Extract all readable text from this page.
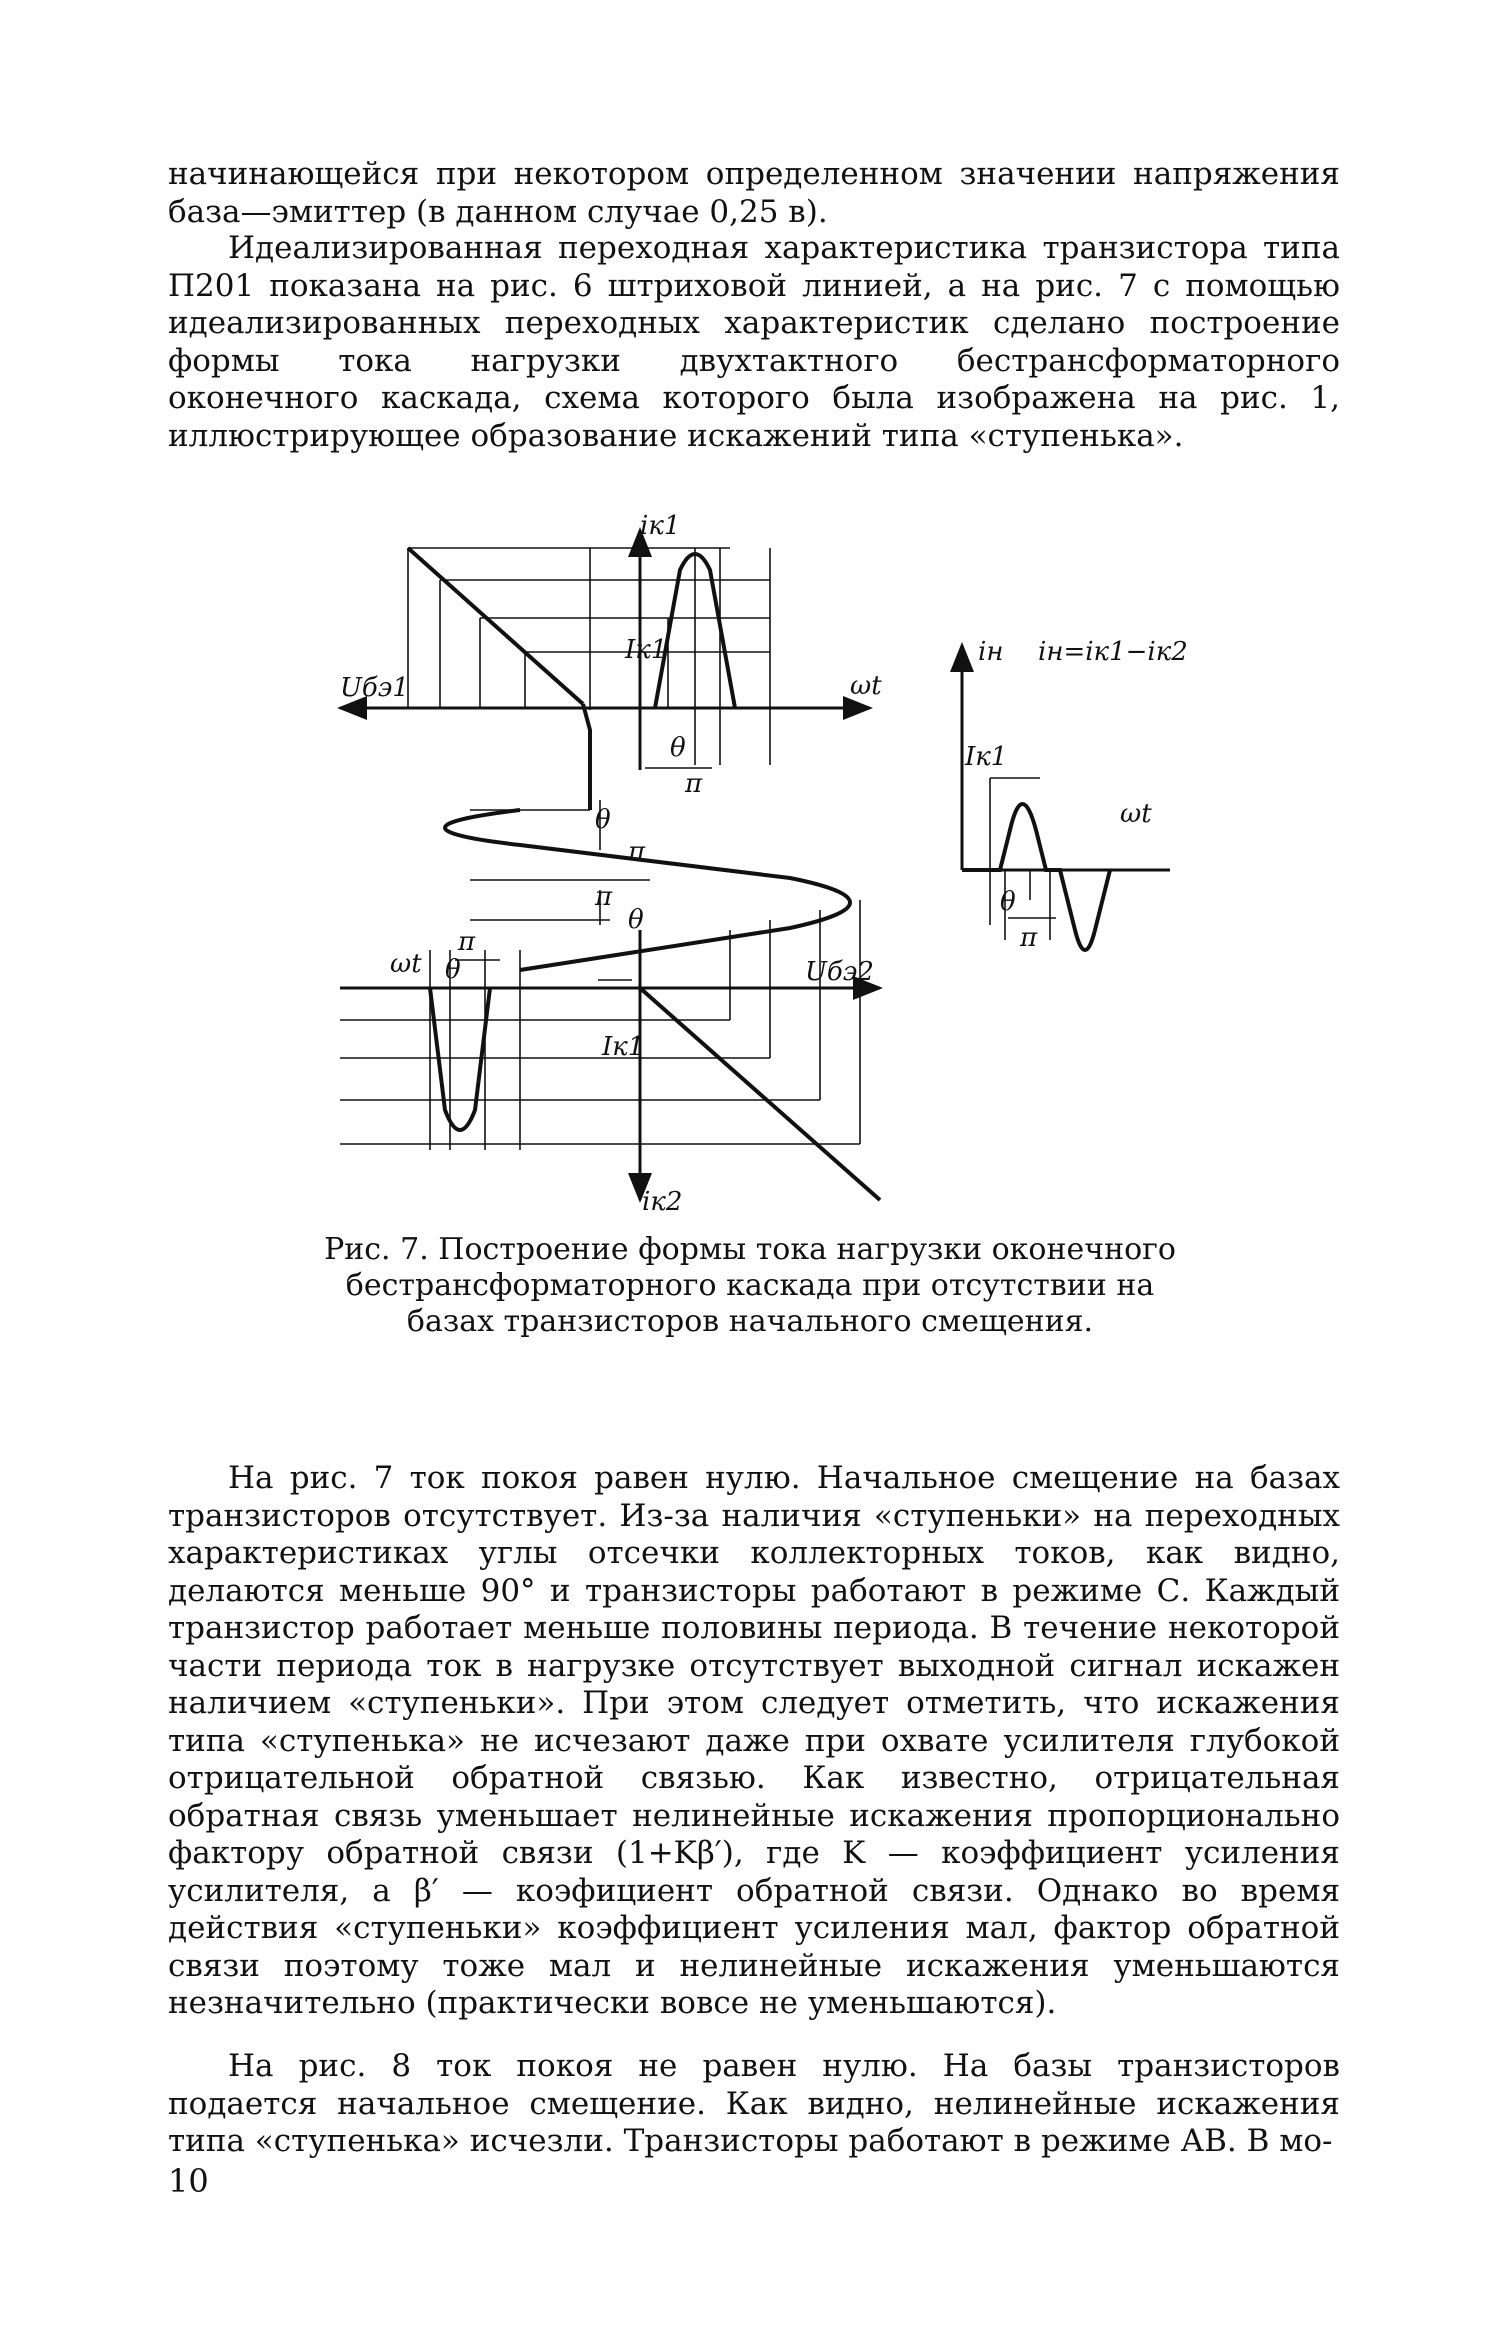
начинающейся при некотором определенном значении напряжения база—эмиттер (в данном случае 0,25 в).

Идеализированная переходная характеристика транзистора типа П201 показана на рис. 6 штриховой линией, а на рис. 7 с помощью идеализированных переходных характеристик сделано построение формы тока нагрузки двухтактного бестрансформаторного оконечного каскада, схема которого была изображена на рис. 1, иллюстрирующее образование искажений типа «ступенька».

iк1
iк2
Uбэ1
Uбэ2
ωt
ωt
ωt
Iк1
Iк1
Iк1
iн iн=iк1−iк2
θ
π
θ
π
π
θ
π
θ
θ
π

Рис. 7. Построение формы тока нагрузки оконечного бестрансформаторного каскада при отсутствии на базах транзисторов начального смещения.

На рис. 7 ток покоя равен нулю. Начальное смещение на базах транзисторов отсутствует. Из-за наличия «ступеньки» на переходных характеристиках углы отсечки коллекторных токов, как видно, делаются меньше 90° и транзисторы работают в режиме С. Каждый транзистор работает меньше половины периода. В течение некоторой части периода ток в нагрузке отсутствует выходной сигнал искажен наличием «ступеньки». При этом следует отметить, что искажения типа «ступенька» не исчезают даже при охвате усилителя глубокой отрицательной обратной связью. Как известно, отрицательная обратная связь уменьшает нелинейные искажения пропорционально фактору обратной связи (1+Kβ′), где K — коэффициент усиления усилителя, а β′ — коэфициент обратной связи. Однако во время действия «ступеньки» коэффициент усиления мал, фактор обратной связи поэтому тоже мал и нелинейные искажения уменьшаются незначительно (практически вовсе не уменьшаются).

На рис. 8 ток покоя не равен нулю. На базы транзисторов подается начальное смещение. Как видно, нелинейные искажения типа «ступенька» исчезли. Транзисторы работают в режиме АВ. В мо-

10
